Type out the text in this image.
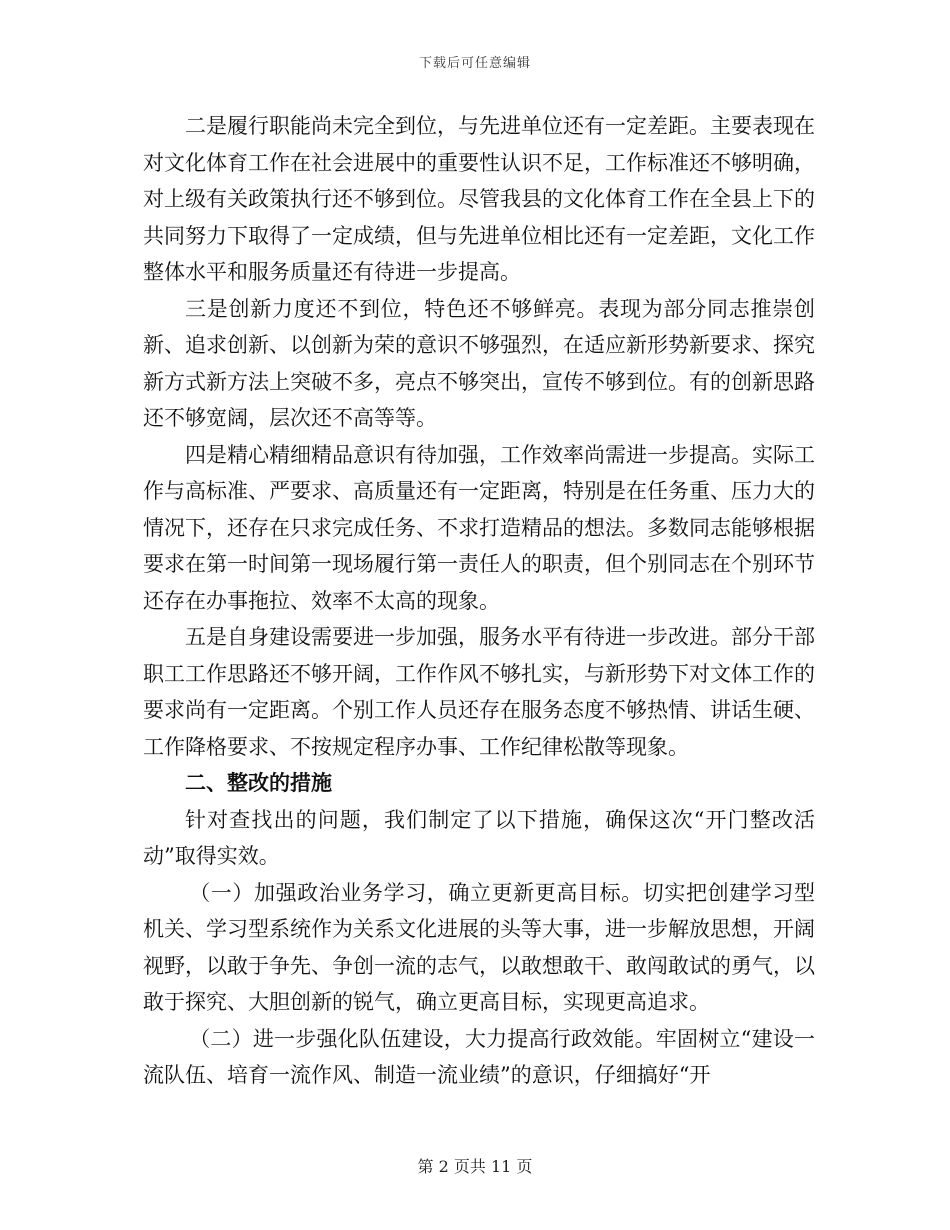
下载后可任意编辑

二是履行职能尚未完全到位，与先进单位还有一定差距。主要表现在对文化体育工作在社会进展中的重要性认识不足，工作标准还不够明确，对上级有关政策执行还不够到位。尽管我县的文化体育工作在全县上下的共同努力下取得了一定成绩，但与先进单位相比还有一定差距，文化工作整体水平和服务质量还有待进一步提高。

三是创新力度还不到位，特色还不够鲜亮。表现为部分同志推崇创新、追求创新、以创新为荣的意识不够强烈，在适应新形势新要求、探究新方式新方法上突破不多，亮点不够突出，宣传不够到位。有的创新思路还不够宽阔，层次还不高等等。

四是精心精细精品意识有待加强，工作效率尚需进一步提高。实际工作与高标准、严要求、高质量还有一定距离，特别是在任务重、压力大的情况下，还存在只求完成任务、不求打造精品的想法。多数同志能够根据要求在第一时间第一现场履行第一责任人的职责，但个别同志在个别环节还存在办事拖拉、效率不太高的现象。

五是自身建设需要进一步加强，服务水平有待进一步改进。部分干部职工工作思路还不够开阔，工作作风不够扎实，与新形势下对文体工作的要求尚有一定距离。个别工作人员还存在服务态度不够热情、讲话生硬、工作降格要求、不按规定程序办事、工作纪律松散等现象。

二、整改的措施

针对查找出的问题，我们制定了以下措施，确保这次“开门整改活动”取得实效。

（一）加强政治业务学习，确立更新更高目标。切实把创建学习型机关、学习型系统作为关系文化进展的头等大事，进一步解放思想，开阔视野，以敢于争先、争创一流的志气，以敢想敢干、敢闯敢试的勇气，以敢于探究、大胆创新的锐气，确立更高目标，实现更高追求。

（二）进一步强化队伍建设，大力提高行政效能。牢固树立“建设一流队伍、培育一流作风、制造一流业绩”的意识，仔细搞好“开

第 2 页共 11 页
